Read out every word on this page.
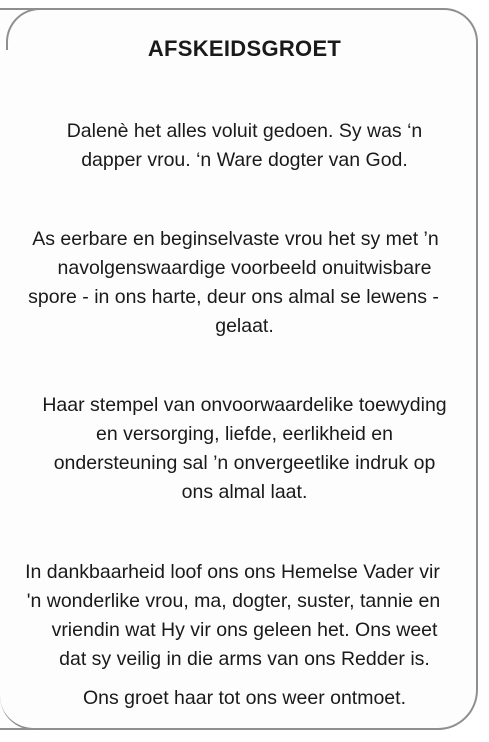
AFSKEIDSGROET
Dalenè het alles voluit gedoen. Sy was ‘n
dapper vrou. ‘n Ware dogter van God.
As eerbare en beginselvaste vrou het sy met ’n
navolgenswaardige voorbeeld onuitwisbare
spore - in ons harte, deur ons almal se lewens -
gelaat.
Haar stempel van onvoorwaardelike toewyding
en versorging, liefde, eerlikheid en
ondersteuning sal ’n onvergeetlike indruk op
ons almal laat.
In dankbaarheid loof ons ons Hemelse Vader vir
'n wonderlike vrou, ma, dogter, suster, tannie en
vriendin wat Hy vir ons geleen het. Ons weet
dat sy veilig in die arms van ons Redder is.
Ons groet haar tot ons weer ontmoet.
